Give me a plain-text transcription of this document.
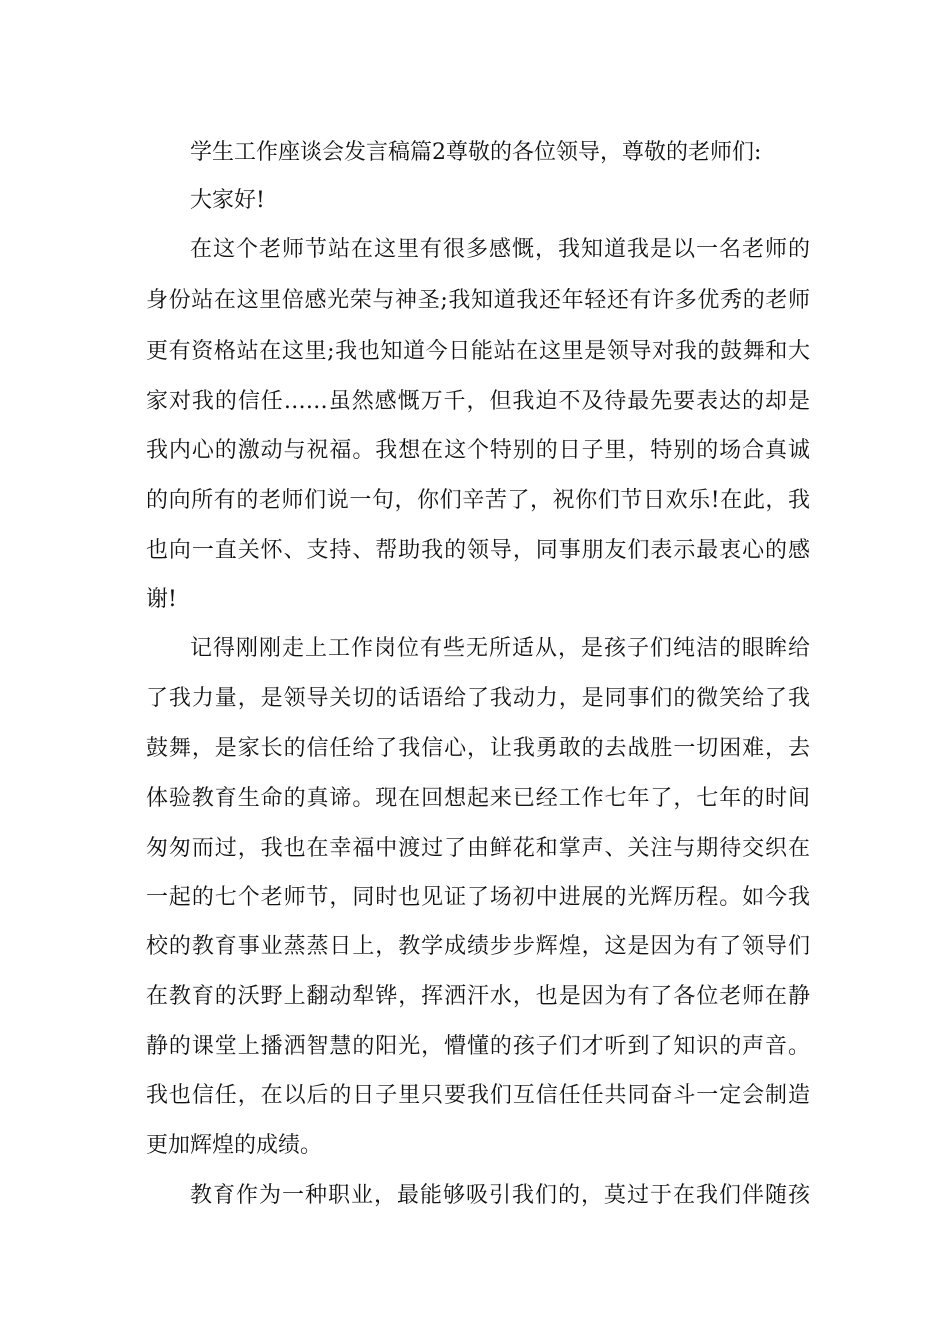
学生工作座谈会发言稿篇2尊敬的各位领导，尊敬的老师们:
大家好!
在这个老师节站在这里有很多感慨，我知道我是以一名老师的
身份站在这里倍感光荣与神圣;我知道我还年轻还有许多优秀的老师
更有资格站在这里;我也知道今日能站在这里是领导对我的鼓舞和大
家对我的信任……虽然感慨万千，但我迫不及待最先要表达的却是
我内心的激动与祝福。我想在这个特别的日子里，特别的场合真诚
的向所有的老师们说一句，你们辛苦了，祝你们节日欢乐!在此，我
也向一直关怀、支持、帮助我的领导，同事朋友们表示最衷心的感
谢!
记得刚刚走上工作岗位有些无所适从，是孩子们纯洁的眼眸给
了我力量，是领导关切的话语给了我动力，是同事们的微笑给了我
鼓舞，是家长的信任给了我信心，让我勇敢的去战胜一切困难，去
体验教育生命的真谛。现在回想起来已经工作七年了，七年的时间
匆匆而过，我也在幸福中渡过了由鲜花和掌声、关注与期待交织在
一起的七个老师节，同时也见证了场初中进展的光辉历程。如今我
校的教育事业蒸蒸日上，教学成绩步步辉煌，这是因为有了领导们
在教育的沃野上翻动犁铧，挥洒汗水，也是因为有了各位老师在静
静的课堂上播洒智慧的阳光，懵懂的孩子们才听到了知识的声音。
我也信任，在以后的日子里只要我们互信任任共同奋斗一定会制造
更加辉煌的成绩。
教育作为一种职业，最能够吸引我们的，莫过于在我们伴随孩
